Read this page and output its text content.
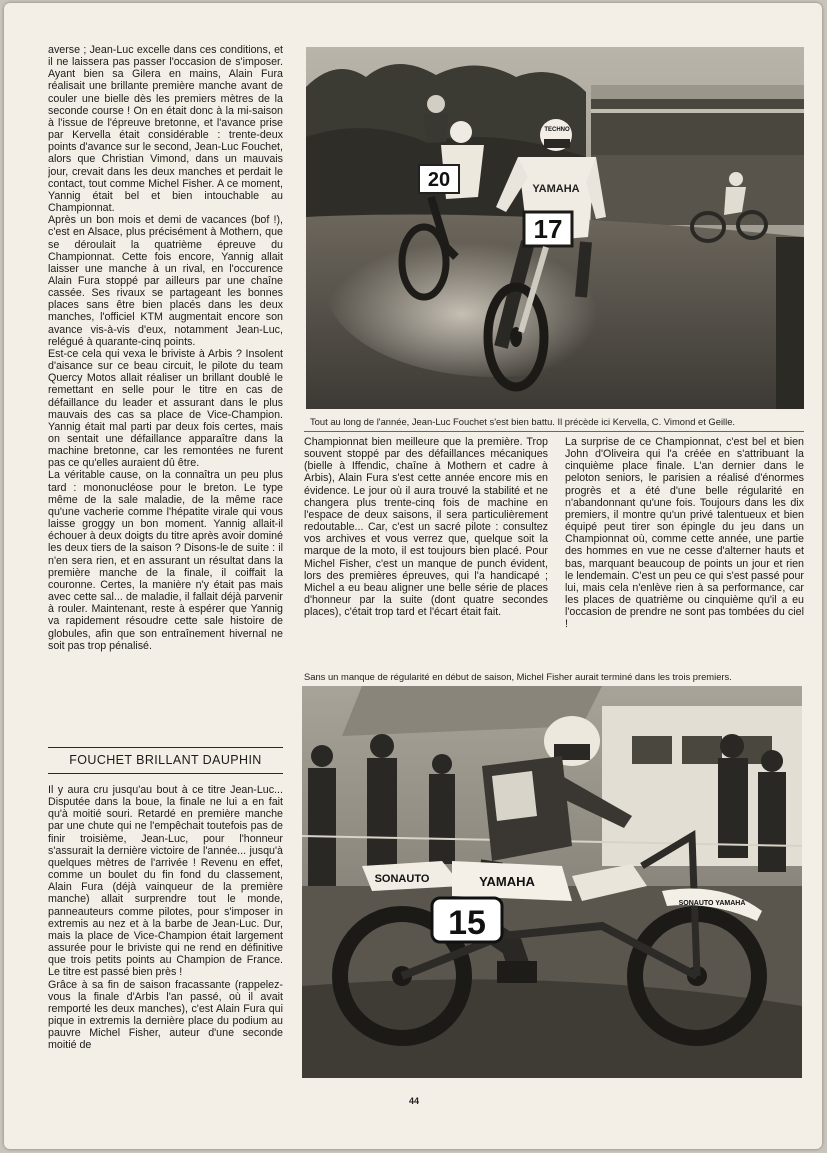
averse ; Jean-Luc excelle dans ces conditions, et il ne laissera pas passer l'occasion de s'imposer. Ayant bien sa Gilera en mains, Alain Fura réalisait une brillante première manche avant de couler une bielle dès les premiers mètres de la seconde course ! On en était donc à la mi-saison à l'issue de l'épreuve bretonne, et l'avance prise par Kervella était considérable : trente-deux points d'avance sur le second, Jean-Luc Fouchet, alors que Christian Vimond, dans un mauvais jour, crevait dans les deux manches et perdait le contact, tout comme Michel Fisher. A ce moment, Yannig était bel et bien intouchable au Championnat.

Après un bon mois et demi de vacances (bof !), c'est en Alsace, plus précisément à Mothern, que se déroulait la quatrième épreuve du Championnat. Cette fois encore, Yannig allait laisser une manche à un rival, en l'occurence Alain Fura stoppé par ailleurs par une chaîne cassée. Ses rivaux se partageant les bonnes places sans être bien placés dans les deux manches, l'officiel KTM augmentait encore son avance vis-à-vis d'eux, notamment Jean-Luc, relégué à quarante-cinq points.

Est-ce cela qui vexa le briviste à Arbis ? Insolent d'aisance sur ce beau circuit, le pilote du team Quercy Motos allait réaliser un brillant doublé le remettant en selle pour le titre en cas de défaillance du leader et assurant dans le plus mauvais des cas sa place de Vice-Champion. Yannig était mal parti par deux fois certes, mais on sentait une défaillance apparaître dans la machine bretonne, car les remontées ne furent pas ce qu'elles auraient dû être.

La véritable cause, on la connaîtra un peu plus tard : mononucléose pour le breton. Le type même de la sale maladie, de la même race qu'une vacherie comme l'hépatite virale qui vous laisse groggy un bon moment. Yannig allait-il échouer à deux doigts du titre après avoir dominé les deux tiers de la saison ? Disons-le de suite : il n'en sera rien, et en assurant un résultat dans la première manche de la finale, il coiffait la couronne. Certes, la manière n'y était pas mais avec cette sal... de maladie, il fallait déjà parvenir à rouler. Maintenant, reste à espérer que Yannig va rapidement résoudre cette sale histoire de globules, afin que son entraînement hivernal ne soit pas trop pénalisé.

FOUCHET BRILLANT DAUPHIN

Il y aura cru jusqu'au bout à ce titre Jean-Luc... Disputée dans la boue, la finale ne lui a en fait qu'à moitié souri. Retardé en première manche par une chute qui ne l'empêchait toutefois pas de finir troisième, Jean-Luc, pour l'honneur s'assurait la dernière victoire de l'année... jusqu'à quelques mètres de l'arrivée ! Revenu en effet, comme un boulet du fin fond du classement, Alain Fura (déjà vainqueur de la première manche) allait surprendre tout le monde, panneauteurs comme pilotes, pour s'imposer in extremis au nez et à la barbe de Jean-Luc. Dur, mais la place de Vice-Champion était largement assurée pour le briviste qui ne rend en définitive que trois petits points au Champion de France. Le titre est passé bien près !

Grâce à sa fin de saison fracassante (rappelez-vous la finale d'Arbis l'an passé, où il avait remporté les deux manches), c'est Alain Fura qui pique in extremis la dernière place du podium au pauvre Michel Fisher, auteur d'une seconde moitié de

20
TECHNO
YAMAHA
17
Tout au long de l'année, Jean-Luc Fouchet s'est bien battu. Il précède ici Kervella, C. Vimond et Geille.

Championnat bien meilleure que la première. Trop souvent stoppé par des défaillances mécaniques (bielle à Iffendic, chaîne à Mothern et cadre à Arbis), Alain Fura s'est cette année encore mis en évidence. Le jour où il aura trouvé la stabilité et ne changera plus trente-cinq fois de machine en l'espace de deux saisons, il sera particulièrement redoutable... Car, c'est un sacré pilote : consultez vos archives et vous verrez que, quelque soit la marque de la moto, il est toujours bien placé. Pour Michel Fisher, c'est un manque de punch évident, lors des premières épreuves, qui l'a handicapé ; Michel a eu beau aligner une belle série de places d'honneur par la suite (dont quatre secondes places), c'était trop tard et l'écart était fait.

La surprise de ce Championnat, c'est bel et bien John d'Oliveira qui l'a créée en s'attribuant la cinquième place finale. L'an dernier dans le peloton seniors, le parisien a réalisé d'énormes progrès et a été d'une belle régularité en n'abandonnant qu'une fois. Toujours dans les dix premiers, il montre qu'un privé talentueux et bien équipé peut tirer son épingle du jeu dans un Championnat où, comme cette année, une partie des hommes en vue ne cesse d'alterner hauts et bas, marquant beaucoup de points un jour et rien le lendemain. C'est un peu ce qui s'est passé pour lui, mais cela n'enlève rien à sa performance, car les places de quatrième ou cinquième qu'il a eu l'occasion de prendre ne sont pas tombées du ciel !

Sans un manque de régularité en début de saison, Michel Fisher aurait terminé dans les trois premiers.
SONAUTO	YAMAHA
15
SONAUTO YAMAHA
44
